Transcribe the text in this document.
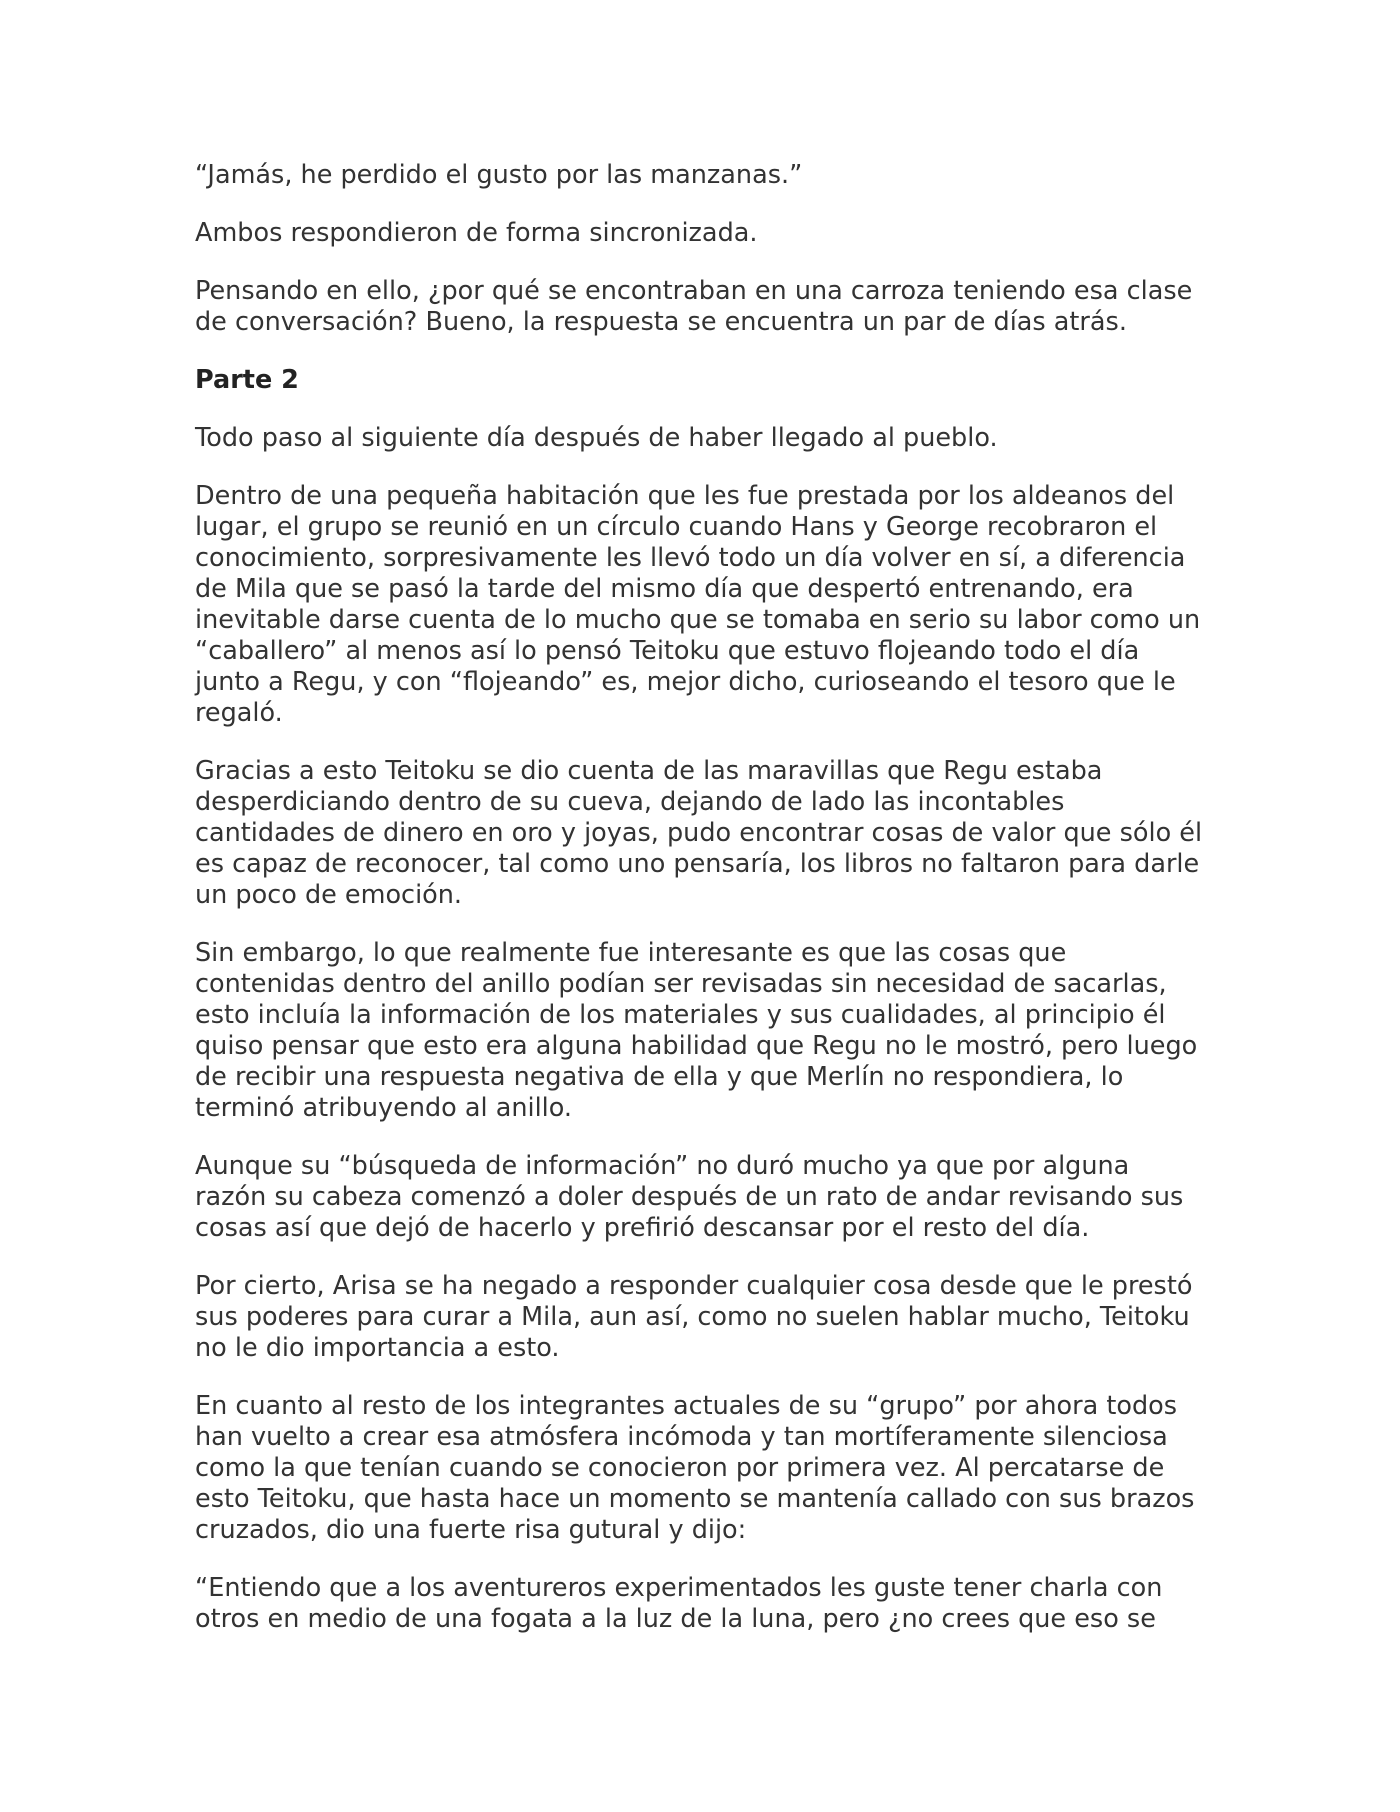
“Jamás, he perdido el gusto por las manzanas.”

Ambos respondieron de forma sincronizada.

Pensando en ello, ¿por qué se encontraban en una carroza teniendo esa clase de conversación? Bueno, la respuesta se encuentra un par de días atrás.

Parte 2

Todo paso al siguiente día después de haber llegado al pueblo.

Dentro de una pequeña habitación que les fue prestada por los aldeanos del lugar, el grupo se reunió en un círculo cuando Hans y George recobraron el conocimiento, sorpresivamente les llevó todo un día volver en sí, a diferencia de Mila que se pasó la tarde del mismo día que despertó entrenando, era inevitable darse cuenta de lo mucho que se tomaba en serio su labor como un “caballero” al menos así lo pensó Teitoku que estuvo flojeando todo el día junto a Regu, y con “flojeando” es, mejor dicho, curioseando el tesoro que le regaló.

Gracias a esto Teitoku se dio cuenta de las maravillas que Regu estaba desperdiciando dentro de su cueva, dejando de lado las incontables cantidades de dinero en oro y joyas, pudo encontrar cosas de valor que sólo él es capaz de reconocer, tal como uno pensaría, los libros no faltaron para darle un poco de emoción.

Sin embargo, lo que realmente fue interesante es que las cosas que contenidas dentro del anillo podían ser revisadas sin necesidad de sacarlas, esto incluía la información de los materiales y sus cualidades, al principio él quiso pensar que esto era alguna habilidad que Regu no le mostró, pero luego de recibir una respuesta negativa de ella y que Merlín no respondiera, lo terminó atribuyendo al anillo.

Aunque su “búsqueda de información” no duró mucho ya que por alguna razón su cabeza comenzó a doler después de un rato de andar revisando sus cosas así que dejó de hacerlo y prefirió descansar por el resto del día.

Por cierto, Arisa se ha negado a responder cualquier cosa desde que le prestó sus poderes para curar a Mila, aun así, como no suelen hablar mucho, Teitoku no le dio importancia a esto.

En cuanto al resto de los integrantes actuales de su “grupo” por ahora todos han vuelto a crear esa atmósfera incómoda y tan mortíferamente silenciosa como la que tenían cuando se conocieron por primera vez. Al percatarse de esto Teitoku, que hasta hace un momento se mantenía callado con sus brazos cruzados, dio una fuerte risa gutural y dijo:

“Entiendo que a los aventureros experimentados les guste tener charla con otros en medio de una fogata a la luz de la luna, pero ¿no crees que eso se
